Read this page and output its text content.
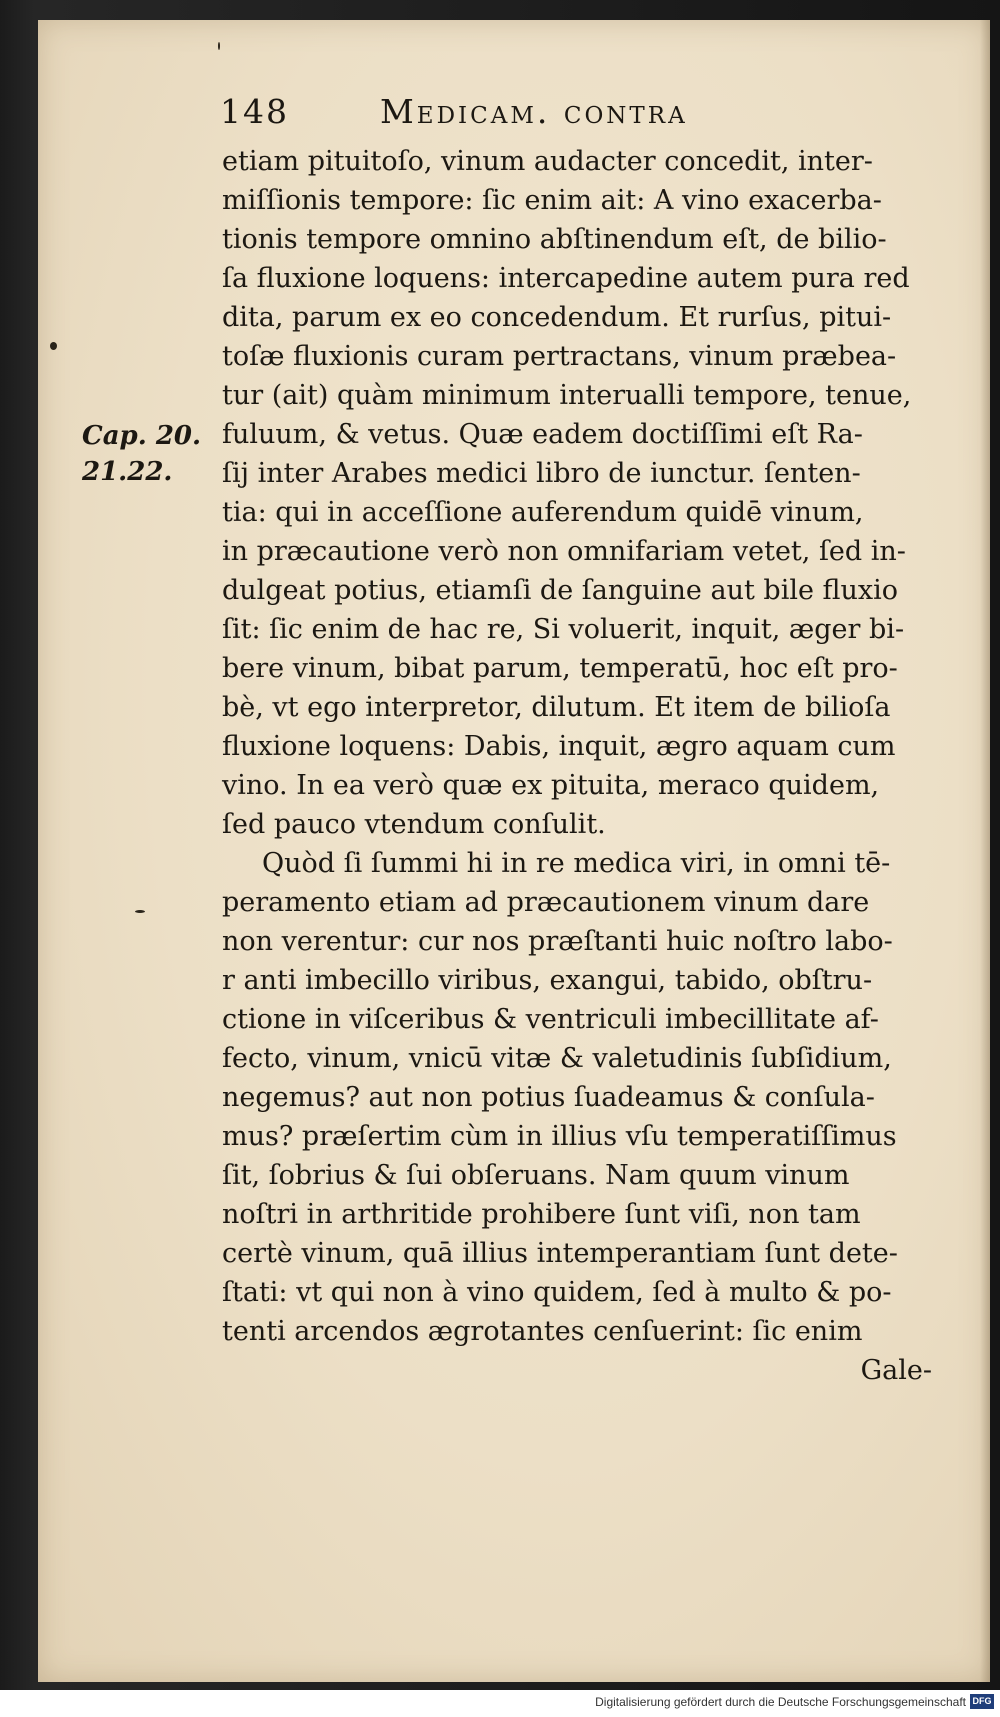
148	Medicam. contra
Cap. 20.
21.22.
etiam pituitoſo, vinum audacter concedit, inter-
miſſionis tempore: ſic enim ait: A vino exacerba-
tionis tempore omnino abſtinendum eſt, de bilio-
ſa fluxione loquens: intercapedine autem pura red
dita, parum ex eo concedendum. Et rurſus, pitui-
toſæ fluxionis curam pertractans, vinum præbea-
tur (ait) quàm minimum interualli tempore, tenue,
fuluum, & vetus. Quæ eadem doctiſſimi eſt Ra-
ſij inter Arabes medici libro de iunctur. ſenten-
tia: qui in acceſſione auferendum quidē vinum,
in præcautione verò non omnifariam vetet, ſed in-
dulgeat potius, etiamſi de ſanguine aut bile fluxio
ſit: ſic enim de hac re, Si voluerit, inquit, æger bi-
bere vinum, bibat parum, temperatū, hoc eſt pro-
bè, vt ego interpretor, dilutum. Et item de bilioſa
fluxione loquens: Dabis, inquit, ægro aquam cum
vino. In ea verò quæ ex pituita, meraco quidem,
ſed pauco vtendum conſulit.
Quòd ſi ſummi hi in re medica viri, in omni tē-
peramento etiam ad præcautionem vinum dare
non verentur: cur nos præſtanti huic noſtro labo-
r anti imbecillo viribus, exangui, tabido, obſtru-
ctione in viſceribus & ventriculi imbecillitate af-
fecto, vinum, vnicū vitæ & valetudinis ſubſidium,
negemus? aut non potius ſuadeamus & conſula-
mus? præſertim cùm in illius vſu temperatiſſimus
ſit, ſobrius & ſui obſeruans. Nam quum vinum
noſtri in arthritide prohibere ſunt viſi, non tam
certè vinum, quā illius intemperantiam ſunt dete-
ſtati: vt qui non à vino quidem, ſed à multo & po-
tenti arcendos ægrotantes cenſuerint: ſic enim
Gale-
Digitalisierung gefördert durch die Deutsche Forschungsgemeinschaft DFG
